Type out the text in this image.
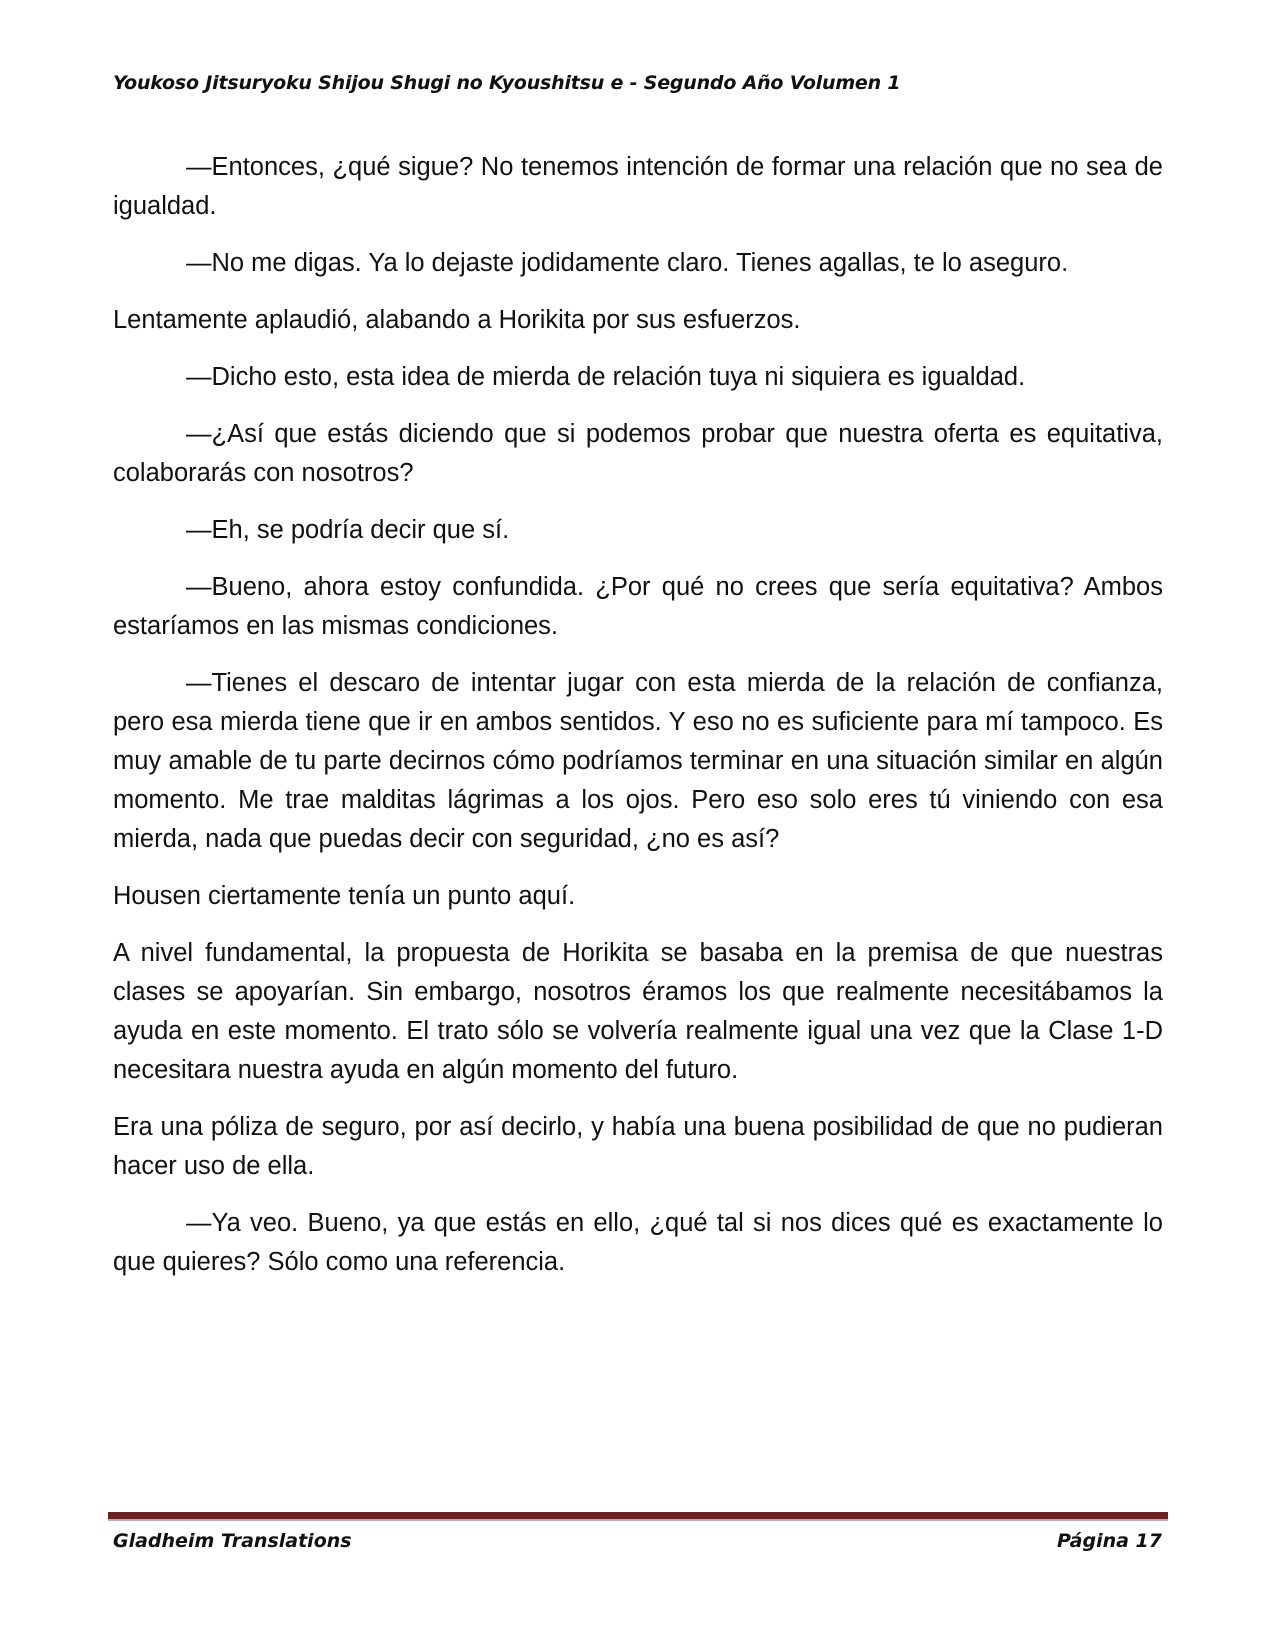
Youkoso Jitsuryoku Shijou Shugi no Kyoushitsu e - Segundo Año Volumen 1

—Entonces, ¿qué sigue? No tenemos intención de formar una relación que no sea de igualdad.

—No me digas. Ya lo dejaste jodidamente claro. Tienes agallas, te lo aseguro.

Lentamente aplaudió, alabando a Horikita por sus esfuerzos.

—Dicho esto, esta idea de mierda de relación tuya ni siquiera es igualdad.

—¿Así que estás diciendo que si podemos probar que nuestra oferta es equitativa, colaborarás con nosotros?

—Eh, se podría decir que sí.

—Bueno, ahora estoy confundida. ¿Por qué no crees que sería equitativa? Ambos estaríamos en las mismas condiciones.

—Tienes el descaro de intentar jugar con esta mierda de la relación de confianza, pero esa mierda tiene que ir en ambos sentidos. Y eso no es suficiente para mí tampoco. Es muy amable de tu parte decirnos cómo podríamos terminar en una situación similar en algún momento. Me trae malditas lágrimas a los ojos. Pero eso solo eres tú viniendo con esa mierda, nada que puedas decir con seguridad, ¿no es así?

Housen ciertamente tenía un punto aquí.

A nivel fundamental, la propuesta de Horikita se basaba en la premisa de que nuestras clases se apoyarían. Sin embargo, nosotros éramos los que realmente necesitábamos la ayuda en este momento. El trato sólo se volvería realmente igual una vez que la Clase 1-D necesitara nuestra ayuda en algún momento del futuro.

Era una póliza de seguro, por así decirlo, y había una buena posibilidad de que no pudieran hacer uso de ella.

—Ya veo. Bueno, ya que estás en ello, ¿qué tal si nos dices qué es exactamente lo que quieres? Sólo como una referencia.

Gladheim Translations	Página 17
